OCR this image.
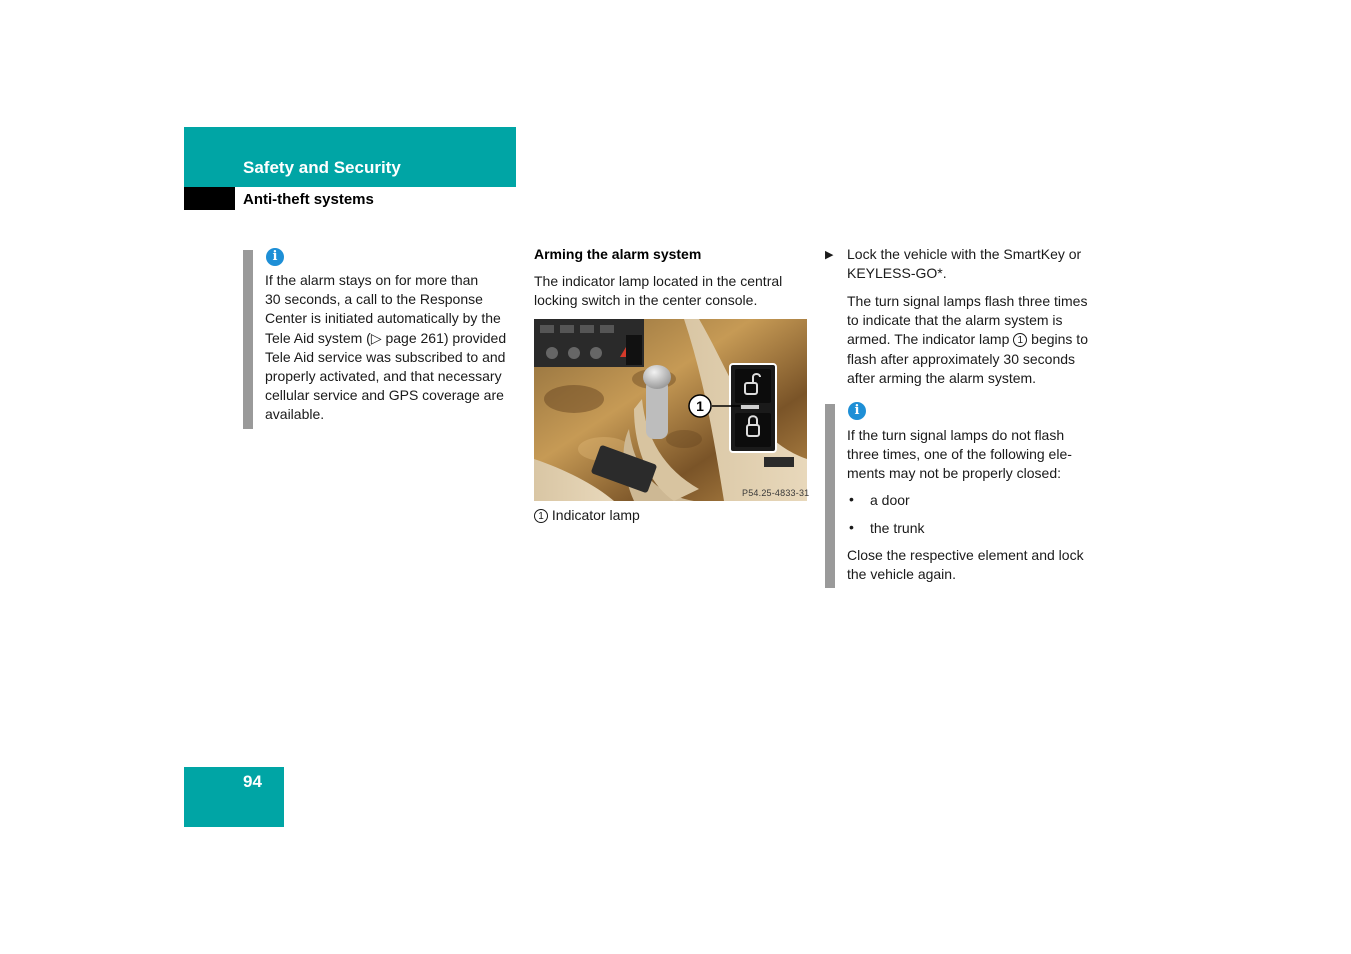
Safety and Security
Anti-theft systems
i
If the alarm stays on for more than
30 seconds, a call to the Response
Center is initiated automatically by the
Tele Aid system (▷ page 261) provided
Tele Aid service was subscribed to and
properly activated, and that necessary
cellular service and GPS coverage are
available.
Arming the alarm system
The indicator lamp located in the central
locking switch in the center console.
1
P54.25-4833-31
1 Indicator lamp
▶ Lock the vehicle with the SmartKey or
KEYLESS-GO*.
The turn signal lamps flash three times
to indicate that the alarm system is
armed. The indicator lamp 1 begins to
flash after approximately 30 seconds
after arming the alarm system.
i
If the turn signal lamps do not flash
three times, one of the following ele-
ments may not be properly closed:
• a door
• the trunk
Close the respective element and lock
the vehicle again.
94
